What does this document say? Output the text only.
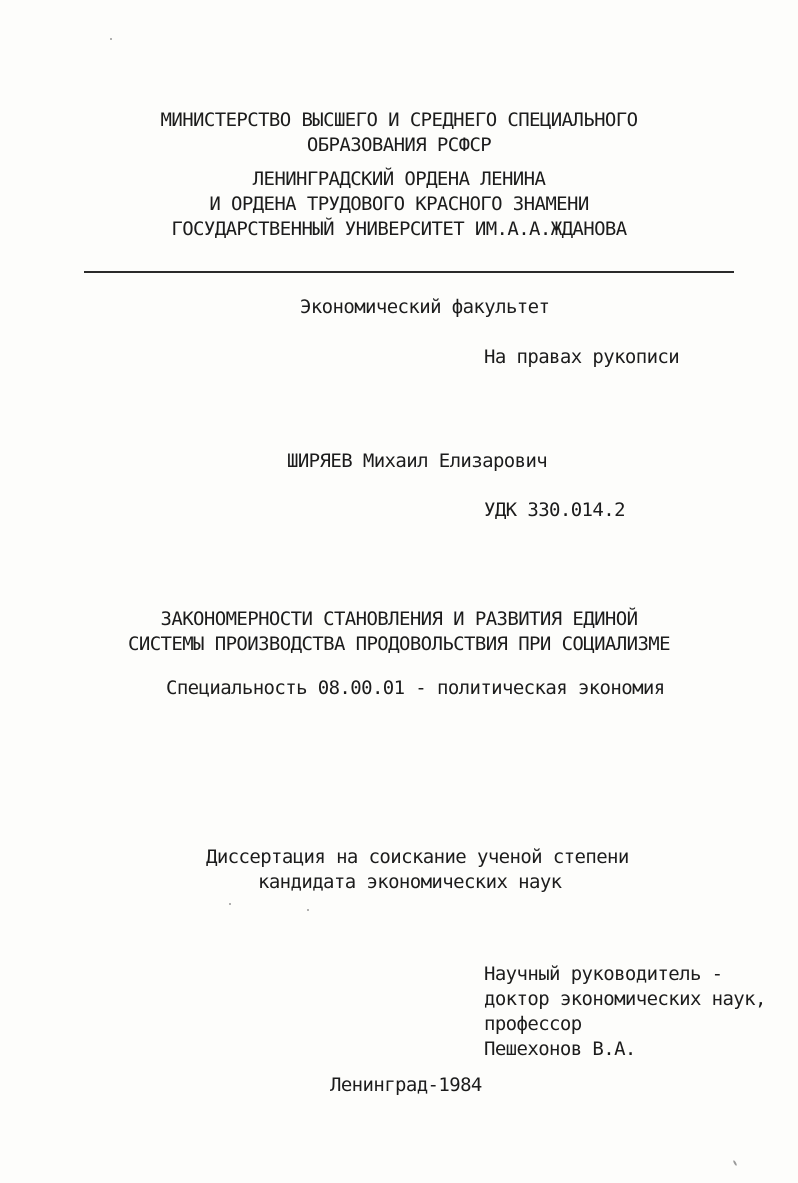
МИНИСТЕРСТВО ВЫСШЕГО И СРЕДНЕГО СПЕЦИАЛЬНОГО
ОБРАЗОВАНИЯ РСФСР
ЛЕНИНГРАДСКИЙ ОРДЕНА ЛЕНИНА
И ОРДЕНА ТРУДОВОГО КРАСНОГО ЗНАМЕНИ
ГОСУДАРСТВЕННЫЙ УНИВЕРСИТЕТ ИМ.А.А.ЖДАНОВА
Экономический факультет
На правах рукописи
ШИРЯЕВ Михаил Елизарович
УДК 330.014.2
ЗАКОНОМЕРНОСТИ СТАНОВЛЕНИЯ И РАЗВИТИЯ ЕДИНОЙ
СИСТЕМЫ ПРОИЗВОДСТВА ПРОДОВОЛЬСТВИЯ ПРИ СОЦИАЛИЗМЕ
Специальность 08.00.01 - политическая экономия
Диссертация на соискание ученой степени
кандидата экономических наук
Научный руководитель -
доктор экономических наук,
профессор
Пешехонов В.А.
Ленинград-1984
